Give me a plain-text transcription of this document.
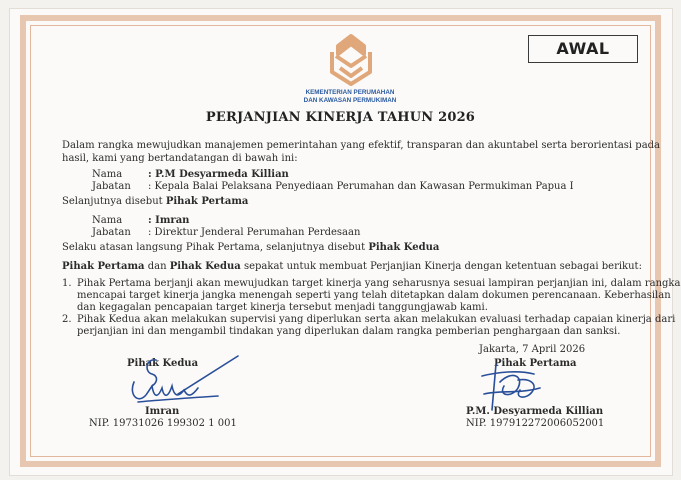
AWAL
KEMENTERIAN PERUMAHAN
DAN KAWASAN PERMUKIMAN
PERJANJIAN KINERJA TAHUN 2026
Dalam rangka mewujudkan manajemen pemerintahan yang efektif, transparan dan akuntabel serta berorientasi pada
hasil, kami yang bertandatangan di bawah ini:
Nama	: P.M Desyarmeda Killian
Jabatan : Kepala Balai Pelaksana Penyediaan Perumahan dan Kawasan Permukiman Papua I
Selanjutnya disebut Pihak Pertama
Nama	: Imran
Jabatan : Direktur Jenderal Perumahan Perdesaan
Selaku atasan langsung Pihak Pertama, selanjutnya disebut Pihak Kedua
Pihak Pertama dan Pihak Kedua sepakat untuk membuat Perjanjian Kinerja dengan ketentuan sebagai berikut:
1. Pihak Pertama berjanji akan mewujudkan target kinerja yang seharusnya sesuai lampiran perjanjian ini, dalam rangka
mencapai target kinerja jangka menengah seperti yang telah ditetapkan dalam dokumen perencanaan. Keberhasilan
dan kegagalan pencapaian target kinerja tersebut menjadi tanggungjawab kami.
2. Pihak Kedua akan melakukan supervisi yang diperlukan serta akan melakukan evaluasi terhadap capaian kinerja dari
perjanjian ini dan mengambil tindakan yang diperlukan dalam rangka pemberian penghargaan dan sanksi.
Jakarta, 7 April 2026
Pihak Kedua	Pihak Pertama
Imran	P.M. Desyarmeda Killian
NIP. 19731026 199302 1 001	NIP. 197912272006052001
